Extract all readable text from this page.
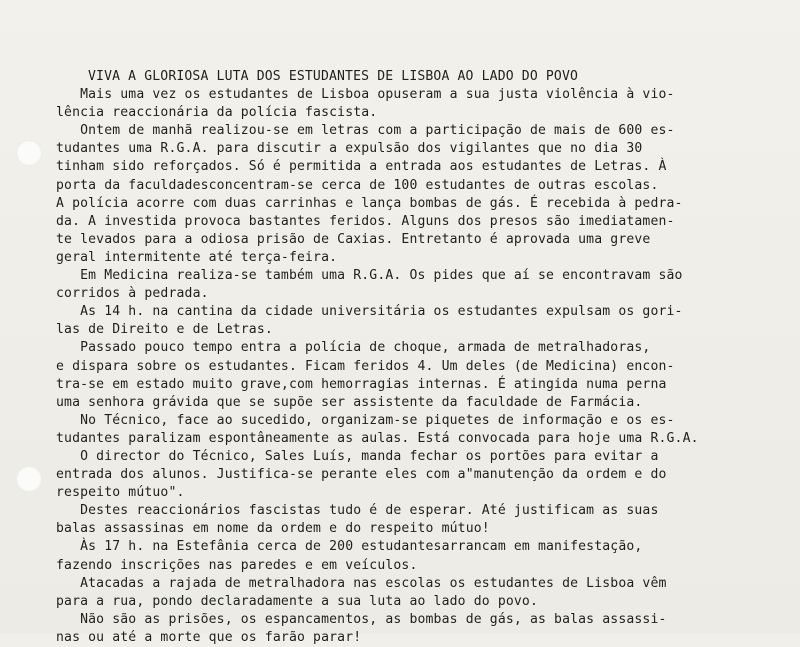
VIVA A GLORIOSA LUTA DOS ESTUDANTES DE LISBOA AO LADO DO POVO
Mais uma vez os estudantes de Lisboa opuseram a sua justa violência à vio-
lência reaccionária da polícia fascista.
Ontem de manhã realizou-se em letras com a participação de mais de 600 es-
tudantes uma R.G.A. para discutir a expulsão dos vigilantes que no dia 30
tinham sido reforçados. Só é permitida a entrada aos estudantes de Letras. À
porta da faculdadesconcentram-se cerca de 100 estudantes de outras escolas.
A polícia acorre com duas carrinhas e lança bombas de gás. É recebida à pedra-
da. A investida provoca bastantes feridos. Alguns dos presos são imediatamen-
te levados para a odiosa prisão de Caxias. Entretanto é aprovada uma greve
geral intermitente até terça-feira.
Em Medicina realiza-se também uma R.G.A. Os pides que aí se encontravam são
corridos à pedrada.
As 14 h. na cantina da cidade universitária os estudantes expulsam os gori-
las de Direito e de Letras.
Passado pouco tempo entra a polícia de choque, armada de metralhadoras,
e dispara sobre os estudantes. Ficam feridos 4. Um deles (de Medicina) encon-
tra-se em estado muito grave,com hemorragias internas. É atingida numa perna
uma senhora grávida que se supõe ser assistente da faculdade de Farmácia.
No Técnico, face ao sucedido, organizam-se piquetes de informação e os es-
tudantes paralizam espontâneamente as aulas. Está convocada para hoje uma R.G.A.
O director do Técnico, Sales Luís, manda fechar os portões para evitar a
entrada dos alunos. Justifica-se perante eles com a"manutenção da ordem e do
respeito mútuo".
Destes reaccionários fascistas tudo é de esperar. Até justificam as suas
balas assassinas em nome da ordem e do respeito mútuo!
Às 17 h. na Estefânia cerca de 200 estudantesarrancam em manifestação,
fazendo inscrições nas paredes e em veículos.
Atacadas a rajada de metralhadora nas escolas os estudantes de Lisboa vêm
para a rua, pondo declaradamente a sua luta ao lado do povo.
Não são as prisões, os espancamentos, as bombas de gás, as balas assassi-
nas ou até a morte que os farão parar!
